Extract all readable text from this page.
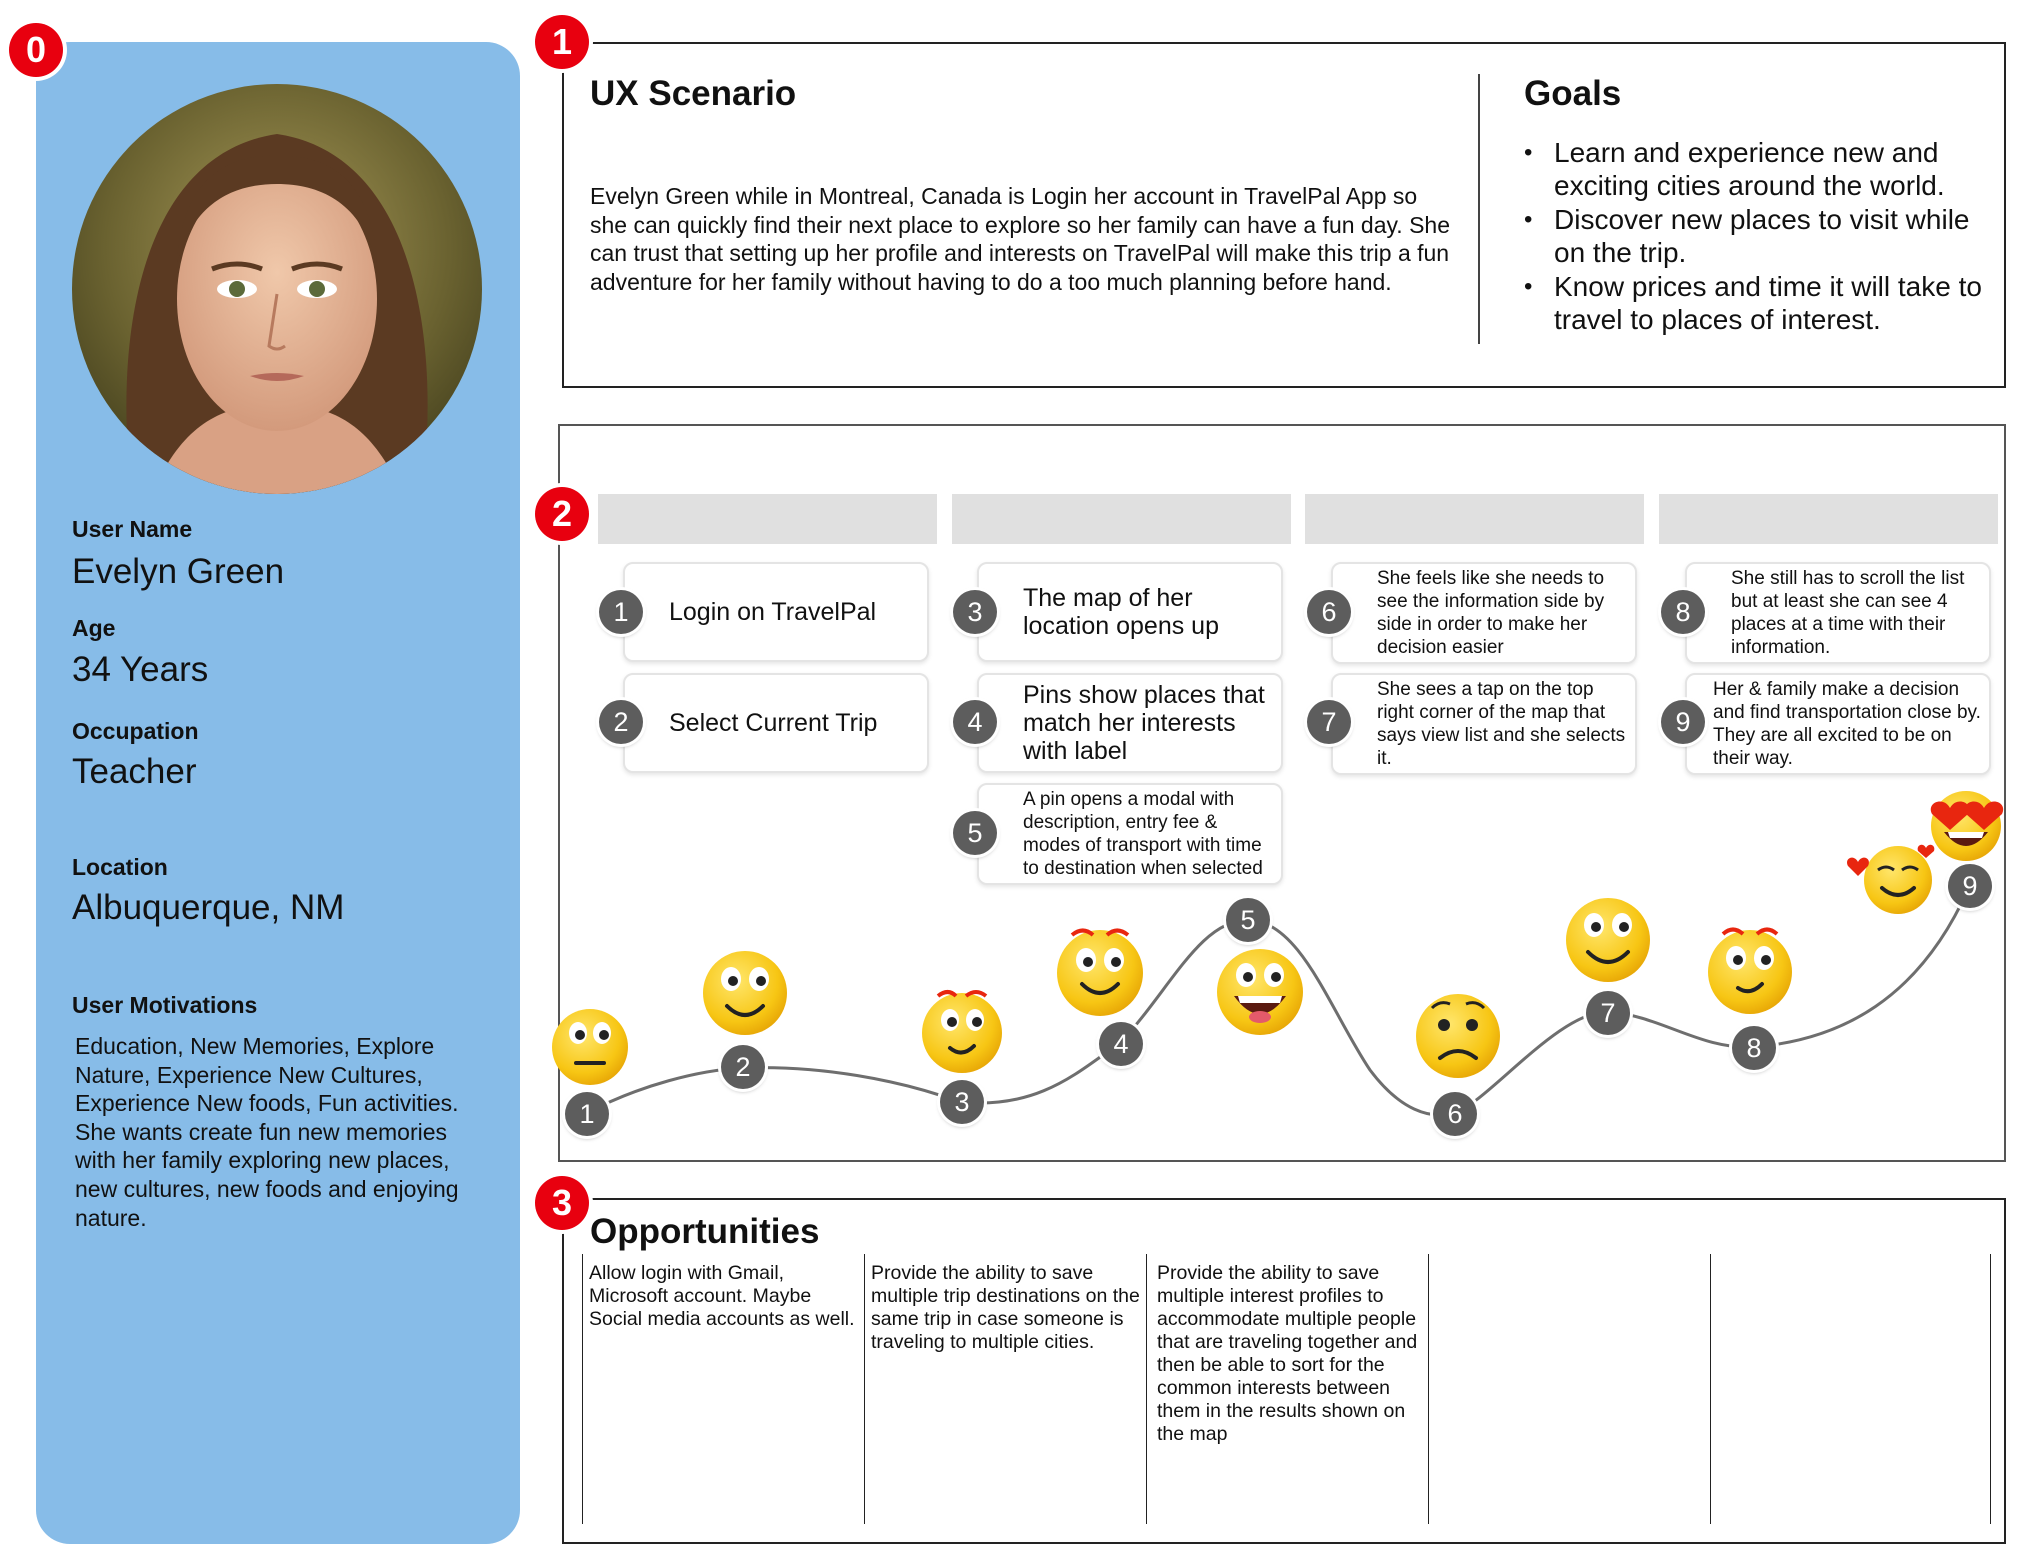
0	1
2
3
User Name
Evelyn Green
Age
34 Years
Occupation
Teacher
Location
Albuquerque, NM
User Motivations
Education, New Memories, Explore Nature, Experience New Cultures, Experience New foods, Fun activities. She wants create fun new memories with her family exploring new places, new cultures, new foods and enjoying nature.
UX Scenario
Evelyn Green while in Montreal, Canada is Login her account in TravelPal App so she can quickly find their next place to explore so her family can have a fun day. She can trust that setting up her profile and interests on TravelPal will make this trip a fun adventure for her family without having to do a too much planning before hand.
Goals
• Learn and experience new and exciting cities around the world.
• Discover new places to visit while on the trip.
• Know prices and time it will take to travel to places of interest.
Login on TravelPal
1
Select Current Trip
2
The map of her location opens up
3
Pins show places that match her interests with label
4
A pin opens a modal with description, entry fee & modes of transport with time to destination when selected
5
She feels like she needs to see the information side by side in order to make her decision easier
6
She sees a tap on the top right corner of the map that says view list and she selects it.
7
She still has to scroll the list but at least she can see 4 places at a time with their information.
8
Her & family make a decision and find transportation close by. They are all excited to be on their way.
9
1
2
3
4
5
6
7
8
9
Opportunities
Allow login with Gmail, Microsoft account. Maybe Social media accounts as well.
Provide the ability to save multiple trip destinations on the same trip in case someone is traveling to multiple cities.
Provide the ability to save multiple interest profiles to accommodate multiple people that are traveling together and then be able to sort for the common interests between them in the results shown on the map
